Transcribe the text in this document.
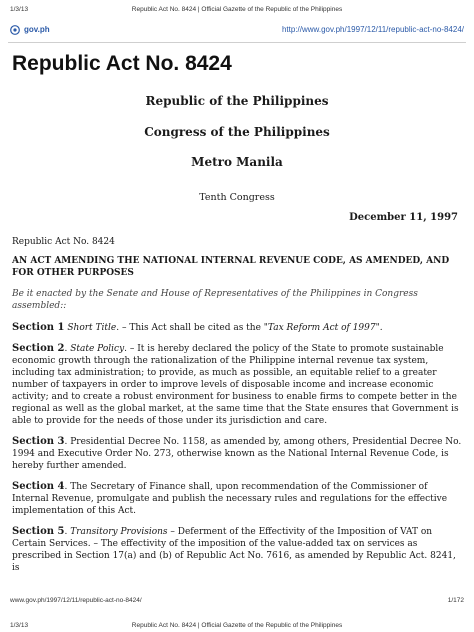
1/3/13	Republic Act No. 8424 | Official Gazette of the Republic of the Philippines
gov.ph	http://www.gov.ph/1997/12/11/republic-act-no-8424/
Republic Act No. 8424
Republic of the Philippines
Congress of the Philippines
Metro Manila
Tenth Congress
December 11, 1997
Republic Act No. 8424
AN ACT AMENDING THE NATIONAL INTERNAL REVENUE CODE, AS AMENDED, AND FOR OTHER PURPOSES
Be it enacted by the Senate and House of Representatives of the Philippines in Congress assembled::
Section 1 Short Title. – This Act shall be cited as the "Tax Reform Act of 1997".
Section 2. State Policy. – It is hereby declared the policy of the State to promote sustainable economic growth through the rationalization of the Philippine internal revenue tax system, including tax administration; to provide, as much as possible, an equitable relief to a greater number of taxpayers in order to improve levels of disposable income and increase economic activity; and to create a robust environment for business to enable firms to compete better in the regional as well as the global market, at the same time that the State ensures that Government is able to provide for the needs of those under its jurisdiction and care.
Section 3. Presidential Decree No. 1158, as amended by, among others, Presidential Decree No. 1994 and Executive Order No. 273, otherwise known as the National Internal Revenue Code, is hereby further amended.
Section 4. The Secretary of Finance shall, upon recommendation of the Commissioner of Internal Revenue, promulgate and publish the necessary rules and regulations for the effective implementation of this Act.
Section 5. Transitory Provisions – Deferment of the Effectivity of the Imposition of VAT on Certain Services. – The effectivity of the imposition of the value-added tax on services as prescribed in Section 17(a) and (b) of Republic Act No. 7616, as amended by Republic Act. 8241, is
www.gov.ph/1997/12/11/republic-act-no-8424/	1/172
1/3/13	Republic Act No. 8424 | Official Gazette of the Republic of the Philippines
